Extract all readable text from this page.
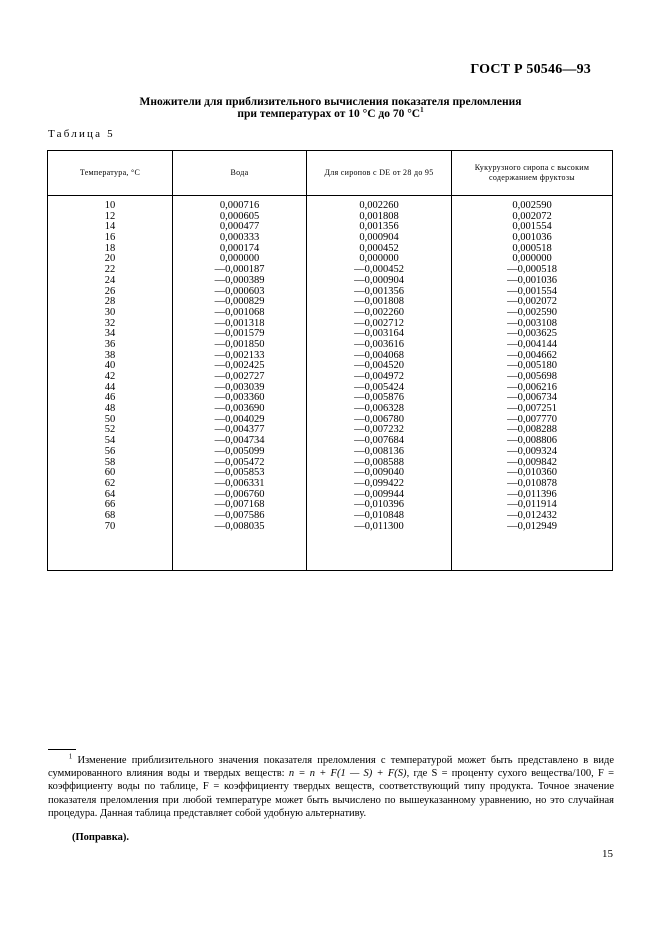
ГОСТ Р 50546—93
Множители для приблизительного вычисления показателя преломления
при температурах от 10 °С до 70 °С$^1$
Таблица 5
Температура, °С	Вода	Для сиропов с DE от 28 до 95
Кукурузного сиропа с высоким содержанием фруктозы
10
12
14
16
18
20
22
24
26
28
30
32
34
36
38
40
42
44
46
48
50
52
54
56
58
60
62
64
66
68
70
0,000716
0,000605
0,000477
0,000333
0,000174
0,000000
—0,000187
—0,000389
—0,000603
—0,000829
—0,001068
—0,001318
—0,001579
—0,001850
—0,002133
—0,002425
—0,002727
—0,003039
—0,003360
—0,003690
—0,004029
—0,004377
—0,004734
—0,005099
—0,005472
—0,005853
—0,006331
—0,006760
—0,007168
—0,007586
—0,008035
0,002260
0,001808
0,001356
0,000904
0,000452
0,000000
—0,000452
—0,000904
—0,001356
—0,001808
—0,002260
—0,002712
—0,003164
—0,003616
—0,004068
—0,004520
—0,004972
—0,005424
—0,005876
—0,006328
—0,006780
—0,007232
—0,007684
—0,008136
—0,008588
—0,009040
—0,099422
—0,009944
—0,010396
—0,010848
—0,011300
0,002590
0,002072
0,001554
0,001036
0,000518
0,000000
—0,000518
—0,001036
—0,001554
—0,002072
—0,002590
—0,003108
—0,003625
—0,004144
—0,004662
—0,005180
—0,005698
—0,006216
—0,006734
—0,007251
—0,007770
—0,008288
—0,008806
—0,009324
—0,009842
—0,010360
—0,010878
—0,011396
—0,011914
—0,012432
—0,012949
$^1$ Изменение приблизительного значения показателя преломления с температурой может быть представлено в виде суммированного влияния воды и твердых веществ: n = n + F(1 — S) + F(S), где S = проценту сухого вещества/100, F = коэффициенту воды по таблице, F = коэффициенту твердых веществ, соответствующий типу продукта. Точное значение показателя преломления при любой температуре может быть вычислено по вышеуказанному уравнению, но это случайная процедура. Данная таблица представляет собой удобную альтернативу.
(Поправка).
15
